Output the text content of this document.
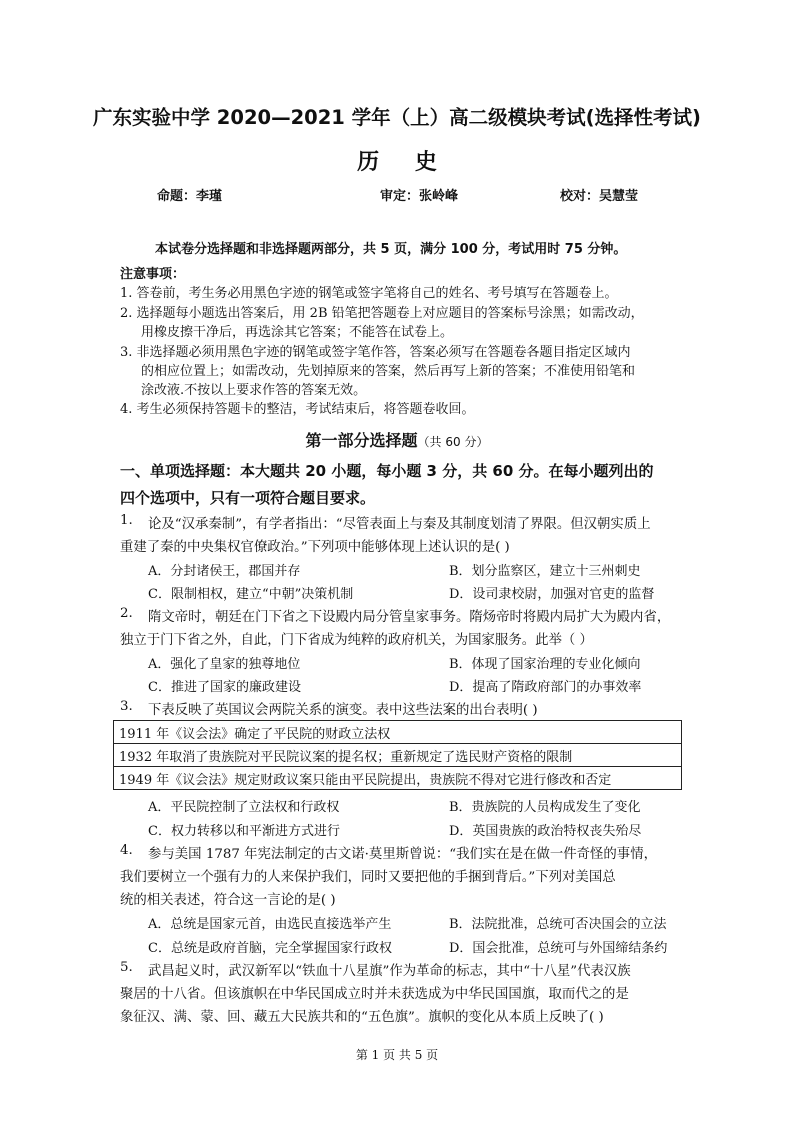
广东实验中学 2020—2021 学年（上）高二级模块考试(选择性考试)
历 史
命题：李瑾	审定：张岭峰	校对：吴慧莹
本试卷分选择题和非选择题两部分，共 5 页，满分 100 分，考试用时 75 分钟。
注意事项：
1. 答卷前，考生务必用黑色字迹的钢笔或签字笔将自己的姓名、考号填写在答题卷上。
2. 选择题每小题选出答案后，用 2B 铅笔把答题卷上对应题目的答案标号涂黑；如需改动，
用橡皮擦干净后，再选涂其它答案；不能答在试卷上。
3. 非选择题必须用黑色字迹的钢笔或签字笔作答，答案必须写在答题卷各题目指定区域内
的相应位置上；如需改动，先划掉原来的答案，然后再写上新的答案；不准使用铅笔和
涂改液.不按以上要求作答的答案无效。
4. 考生必须保持答题卡的整洁，考试结束后，将答题卷收回。
第一部分选择题（共 60 分）
一、单项选择题：本大题共 20 小题，每小题 3 分，共 60 分。在每小题列出的
四个选项中，只有一项符合题目要求。
1. 论及“汉承秦制”，有学者指出：“尽管表面上与秦及其制度划清了界限。但汉朝实质上
重建了秦的中央集权官僚政治。”下列项中能够体现上述认识的是( )
A．分封诸侯王，郡国并存	B．划分监察区，建立十三州刺史
C．限制相权，建立“中朝”决策机制	D．设司隶校尉，加强对官吏的监督
2. 隋文帝时，朝廷在门下省之下设殿内局分管皇家事务。隋炀帝时将殿内局扩大为殿内省，
独立于门下省之外，自此，门下省成为纯粹的政府机关，为国家服务。此举（ ）
A．强化了皇家的独尊地位	B．体现了国家治理的专业化倾向
C．推进了国家的廉政建设	D．提高了隋政府部门的办事效率
3. 下表反映了英国议会两院关系的演变。表中这些法案的出台表明( )
1911 年《议会法》确定了平民院的财政立法权
1932 年取消了贵族院对平民院议案的提名权；重新规定了选民财产资格的限制
1949 年《议会法》规定财政议案只能由平民院提出，贵族院不得对它进行修改和否定
A．平民院控制了立法权和行政权	B．贵族院的人员构成发生了变化
C．权力转移以和平渐进方式进行	D．英国贵族的政治特权丧失殆尽
4. 参与美国 1787 年宪法制定的古文诺·莫里斯曾说：“我们实在是在做一件奇怪的事情，
我们要树立一个强有力的人来保护我们，同时又要把他的手捆到背后。”下列对美国总
统的相关表述，符合这一言论的是( )
A．总统是国家元首，由选民直接选举产生	B．法院批准，总统可否决国会的立法
C．总统是政府首脑，完全掌握国家行政权	D．国会批准，总统可与外国缔结条约
5. 武昌起义时，武汉新军以“铁血十八星旗”作为革命的标志，其中“十八星”代表汉族
聚居的十八省。但该旗帜在中华民国成立时并未获选成为中华民国国旗，取而代之的是
象征汉、满、蒙、回、藏五大民族共和的“五色旗”。旗帜的变化从本质上反映了( )
第 1 页 共 5 页
